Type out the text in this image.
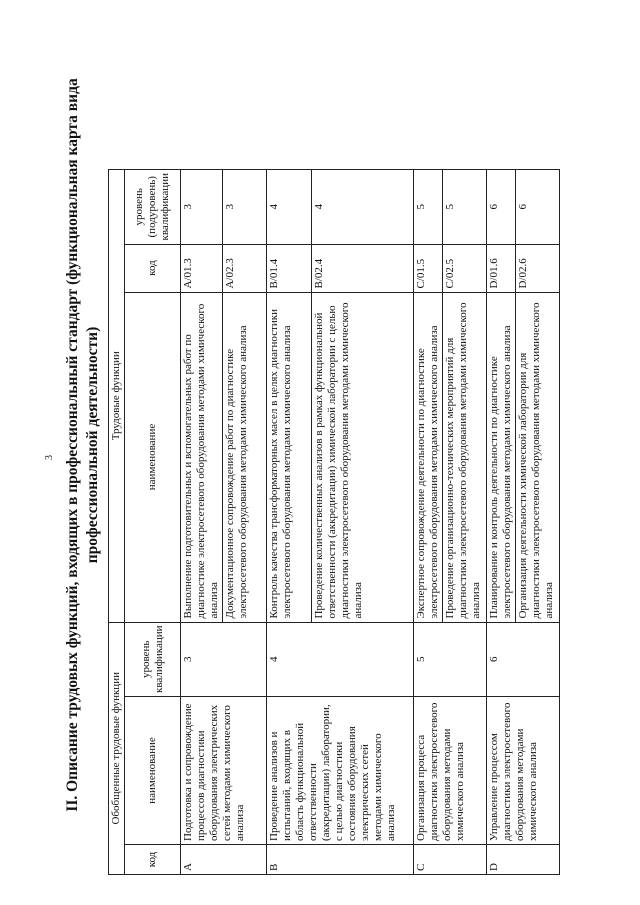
3 II. Описание трудовых функций, входящих в профессиональный стандарт (функциональная карта вида профессиональной деятельности)
Обобщенные трудовые функции			Трудовые функции		
код	наименование	уровень квалификации	наименование	код	уровень (подуровень) квалификации
A	Подготовка и сопровождение процессов диагностики оборудования электрических сетей методами химического анализа	3	Выполнение подготовительных и вспомогательных работ по диагностике электросетевого оборудования методами химического анализа	A/01.3	3
			Документационное сопровождение работ по диагностике электросетевого оборудования методами химического анализа	A/02.3	3
B	Проведение анализов и испытаний, входящих в область функциональной ответственности (аккредитации) лаборатории, с целью диагностики состояния оборудования электрических сетей методами химического анализа	4	Контроль качества трансформаторных масел в целях диагностики электросетевого оборудования методами химического анализа	B/01.4	4
			Проведение количественных анализов в рамках функциональной ответственности (аккредитации) химической лаборатории с целью диагностики электросетевого оборудования методами химического анализа	B/02.4	4
C	Организация процесса диагностики электросетевого оборудования методами химического анализа	5	Экспертное сопровождение деятельности по диагностике электросетевого оборудования методами химического анализа	C/01.5	5
			Проведение организационно-технических мероприятий для диагностики электросетевого оборудования методами химического анализа	C/02.5	5
D	Управление процессом диагностики электросетевого оборудования методами химического анализа	6	Планирование и контроль деятельности по диагностике электросетевого оборудования методами химического анализа	D/01.6	6
			Организация деятельности химической лаборатории для диагностики электросетевого оборудования методами химического анализа	D/02.6	6
